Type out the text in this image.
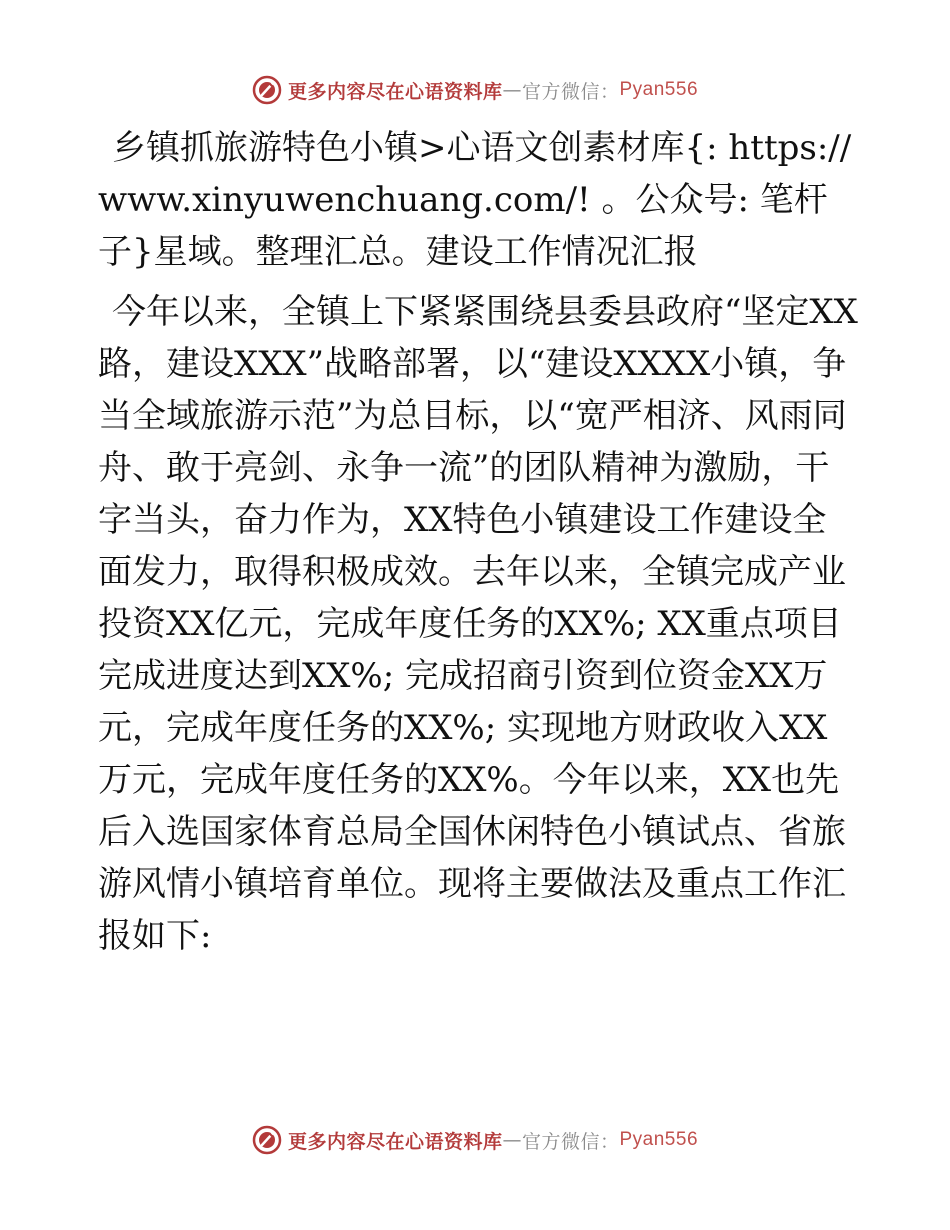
更多内容尽在心语资料库 — 官方微信： Pyan556

乡镇抓旅游特色小镇>心语文创素材库{: https://www.xinyuwenchuang.com/! 。公众号: 笔杆子}星域。整理汇总。建设工作情况汇报

今年以来，全镇上下紧紧围绕县委县政府“坚定XX路，建设XXX”战略部署，以“建设XXXX小镇，争当全域旅游示范”为总目标，以“宽严相济、风雨同舟、敢于亮剑、永争一流”的团队精神为激励，干字当头，奋力作为，XX特色小镇建设工作建设全面发力，取得积极成效。去年以来，全镇完成产业投资XX亿元，完成年度任务的XX%; XX重点项目完成进度达到XX%; 完成招商引资到位资金XX万元，完成年度任务的XX%; 实现地方财政收入XX万元，完成年度任务的XX%。今年以来，XX也先后入选国家体育总局全国休闲特色小镇试点、省旅游风情小镇培育单位。现将主要做法及重点工作汇报如下:

更多内容尽在心语资料库 — 官方微信： Pyan556
